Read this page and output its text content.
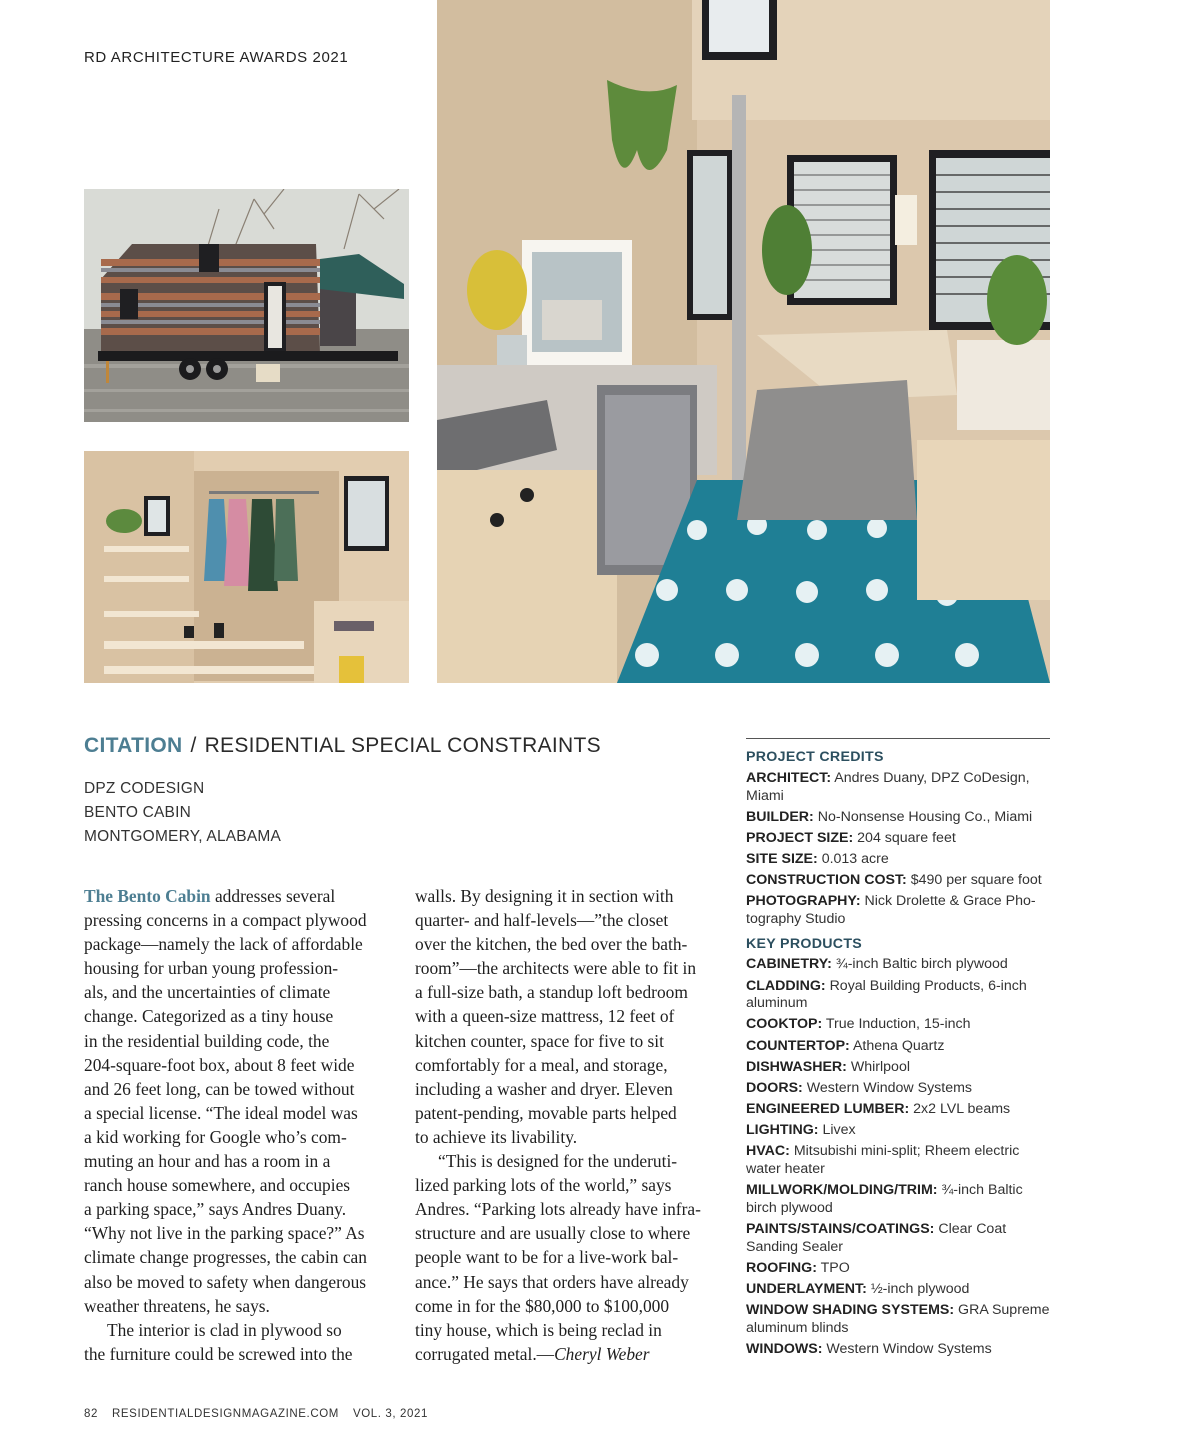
RD ARCHITECTURE AWARDS 2021
CITATION / RESIDENTIAL SPECIAL CONSTRAINTS
DPZ CODESIGN
BENTO CABIN
MONTGOMERY, ALABAMA
The Bento Cabin addresses several
pressing concerns in a compact plywood
package—namely the lack of affordable
housing for urban young profession-
als, and the uncertainties of climate
change. Categorized as a tiny house
in the residential building code, the
204-square-foot box, about 8 feet wide
and 26 feet long, can be towed without
a special license. “The ideal model was
a kid working for Google who’s com-
muting an hour and has a room in a
ranch house somewhere, and occupies
a parking space,” says Andres Duany.
“Why not live in the parking space?” As
climate change progresses, the cabin can
also be moved to safety when dangerous
weather threatens, he says.
The interior is clad in plywood so
the furniture could be screwed into the
walls. By designing it in section with
quarter- and half-levels—”the closet
over the kitchen, the bed over the bath-
room”—the architects were able to fit in
a full-size bath, a standup loft bedroom
with a queen-size mattress, 12 feet of
kitchen counter, space for five to sit
comfortably for a meal, and storage,
including a washer and dryer. Eleven
patent-pending, movable parts helped
to achieve its livability.
“This is designed for the underuti-
lized parking lots of the world,” says
Andres. “Parking lots already have infra-
structure and are usually close to where
people want to be for a live-work bal-
ance.” He says that orders have already
come in for the $80,000 to $100,000
tiny house, which is being reclad in
corrugated metal.—Cheryl Weber
PROJECT CREDITS
ARCHITECT: Andres Duany, DPZ CoDesign, Miami
BUILDER: No-Nonsense Housing Co., Miami
PROJECT SIZE: 204 square feet
SITE SIZE: 0.013 acre
CONSTRUCTION COST: $490 per square foot
PHOTOGRAPHY: Nick Drolette & Grace Pho-tography Studio
KEY PRODUCTS
CABINETRY: ¾-inch Baltic birch plywood
CLADDING: Royal Building Products, 6-inch aluminum
COOKTOP: True Induction, 15-inch
COUNTERTOP: Athena Quartz
DISHWASHER: Whirlpool
DOORS: Western Window Systems
ENGINEERED LUMBER: 2x2 LVL beams
LIGHTING: Livex
HVAC: Mitsubishi mini-split; Rheem electric water heater
MILLWORK/MOLDING/TRIM: ¾-inch Baltic birch plywood
PAINTS/STAINS/COATINGS: Clear Coat Sanding Sealer
ROOFING: TPO
UNDERLAYMENT: ½-inch plywood
WINDOW SHADING SYSTEMS: GRA Supreme aluminum blinds
WINDOWS: Western Window Systems
82 RESIDENTIALDESIGNMAGAZINE.COM VOL. 3, 2021
